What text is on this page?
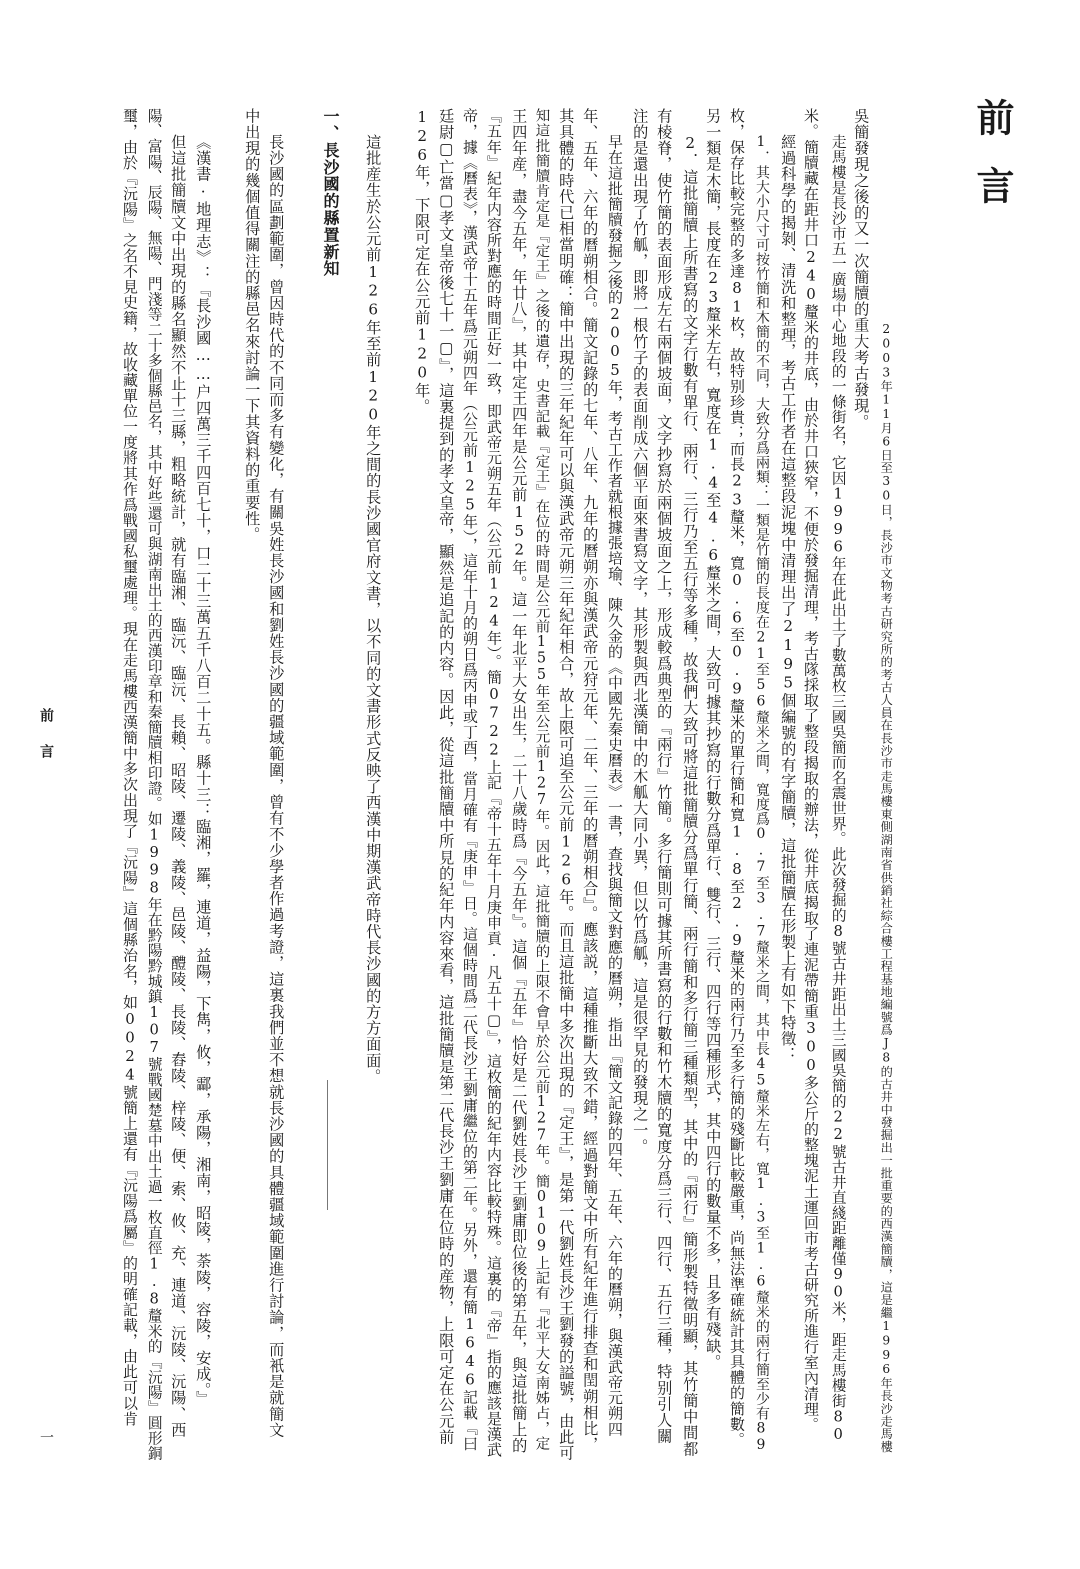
前言
2003年11月6日至30日，長沙市文物考古研究所的考古人員在長沙市走馬樓東側湖南省供銷社綜合樓工程基地編號爲J8的古井中發掘出一批重要的西漢簡牘，這是繼1996年長沙走馬樓
吳簡發現之後的又一次簡牘的重大考古發現。
走馬樓是長沙市五一廣場中心地段的一條街名，它因1996年在此出土了數萬枚三國吳簡而名震世界。此次發掘的8號古井距出土三國吳簡的22號古井直綫距離僅90米，距走馬樓街80
米。簡牘藏在距井口240釐米的井底，由於井口狹窄，不便於發掘清理，考古隊採取了整段揭取的辦法，從井底揭取了連泥帶簡重300多公斤的整塊泥土運回市考古研究所進行室內清理。
經過科學的揭剝、清洗和整理，考古工作者在這整段泥塊中清理出了2195個編號的有字簡牘，這批簡牘在形製上有如下特徵：
1．其大小尺寸可按竹簡和木簡的不同，大致分爲兩類：一類是竹簡的長度在21至56釐米之間，寬度爲0.7至3.7釐米之間，其中長45釐米左右，寬1.3至1.6釐米的兩行簡至少有89
枚，保存比較完整的多達81枚，故特别珍貴；而長23釐米，寬0.6至0.9釐米的單行簡和寬1.8至2.9釐米的兩行乃至多行簡的殘斷比較嚴重，尚無法準確統計其具體的簡數。
另一類是木簡，長度在23釐米左右，寬度在1.4至4.6釐米之間，大致可據其抄寫的行數分爲單行、雙行、三行、四行等四種形式，其中四行的數量不多，且多有殘缺。
2．這批簡牘上所書寫的文字行數有單行、兩行、三行乃至五行等多種，故我們大致可將這批簡牘分爲單行簡、兩行簡和多行簡三種類型，其中的『兩行』簡形製特徵明顯，其竹簡中間都
有棱脊，使竹簡的表面形成左右兩個坡面，文字抄寫於兩個坡面之上，形成較爲典型的『兩行』竹簡。多行簡則可據其所書寫的行數和竹木牘的寬度分爲三行、四行、五行三種，特别引人關
注的是還出現了竹觚，即將一根竹子的表面削成六個平面來書寫文字，其形製與西北漢簡中的木觚大同小異，但以竹爲觚，這是很罕見的發現之一。
早在這批簡牘發掘之後的2005年，考古工作者就根據張培瑜、陳久金的《中國先秦史曆表》一書，查找與簡文對應的曆朔，指出『簡文記錄的四年、五年、六年的曆朔，與漢武帝元朔四
年、五年、六年的曆朔相合。簡文記錄的七年、八年、九年的曆朔亦與漢武帝元狩元年、二年、三年的曆朔相合』。應該説，這種推斷大致不錯，經過對簡文中所有紀年進行排查和閏朔相比，
其具體的時代已相當明確：簡中出現的三年紀年可以與漢武帝元朔三年紀年相合，故上限可追至公元前126年。而且這批簡中多次出現的『定王』，是第一代劉姓長沙王劉發的謚號，由此可
知這批簡牘肯定是『定王』之後的遺存，史書記載『定王』在位的時間是公元前155年至公元前127年。因此，這批簡牘的上限不會早於公元前127年。簡0109上記有『北平大女南姊占，定
王四年産，盡今五年，年廿八』，其中定王四年是公元前152年。這一年北平大女出生，二十八歲時爲『今五年』。這個『五年』恰好是二代劉姓長沙王劉庸即位後的第五年，與這批簡上的
『五年』紀年内容所對應的時間正好一致，即武帝元朔五年（公元前124年）。簡0722上記『帝十五年十月庚申貢·凡五十▢』，這枚簡的紀年内容比較特殊。這裏的『帝』指的應該是漢武
帝，據《曆表》，漢武帝十五年爲元朔四年（公元前125年），這年十月的朔日爲丙申或丁酉，當月確有『庚申』日。這個時間爲二代長沙王劉庸繼位的第二年。另外，還有簡1646記載『曰
廷尉▢亡當▢孝文皇帝後七十一▢』，這裏提到的孝文皇帝，顯然是追記的内容。因此，從這批簡牘中所見的紀年内容來看，這批簡牘是第二代長沙王劉庸在位時的産物，上限可定在公元前
126年，下限可定在公元前120年。
這批産生於公元前126年至前120年之間的長沙國官府文書，以不同的文書形式反映了西漢中期漢武帝時代長沙國的方方面面。
一、長沙國的縣置新知
長沙國的區劃範圍，曾因時代的不同而多有變化，有關吳姓長沙國和劉姓長沙國的疆域範圍，曾有不少學者作過考證，這裏我們並不想就長沙國的具體疆域範圍進行討論，而衹是就簡文
中出現的幾個值得關注的縣邑名來討論一下其資料的重要性。
《漢書·地理志》：『長沙國……户四萬三千四百七十，口二十三萬五千八百二十五。縣十三：臨湘，羅，連道，益陽，下雋，攸，酃，承陽，湘南，昭陵，荼陵，容陵，安成。』
但這批簡牘文中出現的縣名顯然不止十三縣，粗略統計，就有臨湘、臨沅、臨沅、長賴、昭陵、遷陵、義陵、邑陵、醴陵、長陵、舂陵、梓陵、便、索、攸、充、連道、沅陵、沅陽、西
陽、富陽、辰陽、無陽、門淺等二十多個縣邑名，其中好些還可與湖南出土的西漢印章和秦簡牘相印證。如1998年在黔陽黔城鎮107號戰國楚墓中出土過一枚直徑1.8釐米的『沅陽』圓形銅
璽，由於『沅陽』之名不見史籍，故收藏單位一度將其作爲戰國私璽處理。現在走馬樓西漢簡中多次出現了『沅陽』這個縣治名，如0024號簡上還有『沅陽爲屬』的明確記載，由此可以肯
前言
一
